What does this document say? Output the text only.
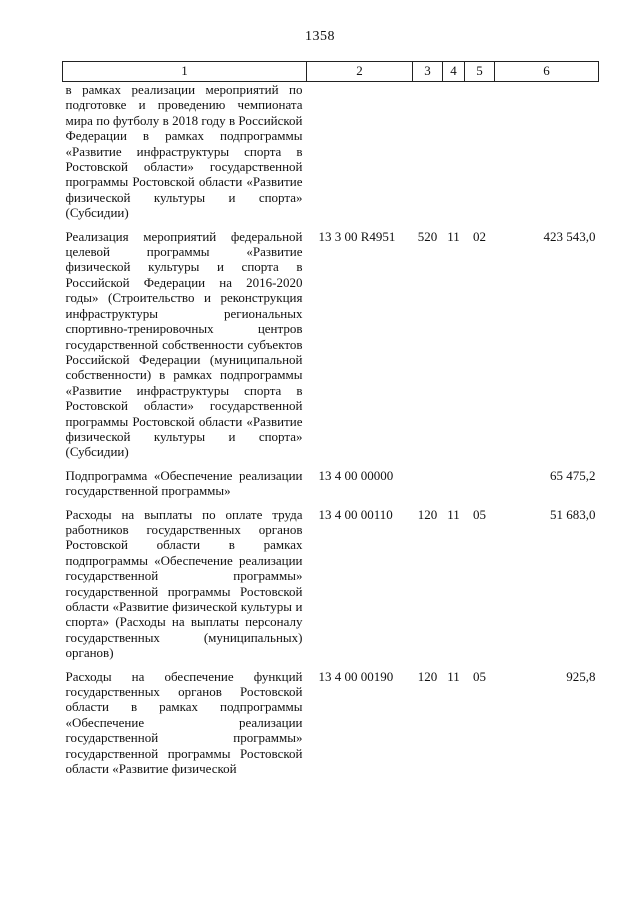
1358
1	2	3	4	5	6
в рамках реализации мероприятий по подготовке и проведению чемпионата мира по футболу в 2018 году в Российской Федерации в рамках подпрограммы «Развитие инфраструктуры спорта в Ростовской области» государственной программы Ростовской области «Развитие физической культуры и спорта» (Субсидии)					
Реализация мероприятий федеральной целевой программы «Развитие физической культуры и спорта в Российской Федерации на 2016-2020 годы» (Строительство и реконструкция инфраструктуры региональных спортивно-тренировочных центров государственной собственности субъектов Российской Федерации (муниципальной собственности) в рамках подпрограммы «Развитие инфраструктуры спорта в Ростовской области» государственной программы Ростовской области «Развитие физической культуры и спорта» (Субсидии)	13 3 00 R4951	520	11	02	423 543,0
Подпрограмма «Обеспечение реализации государственной программы»	13 4 00 00000				65 475,2
Расходы на выплаты по оплате труда работников государственных органов Ростовской области в рамках подпрограммы «Обеспечение реализации государственной программы» государственной программы Ростовской области «Развитие физической культуры и спорта» (Расходы на выплаты персоналу государственных (муниципальных) органов)	13 4 00 00110	120	11	05	51 683,0
Расходы на обеспечение функций государственных органов Ростовской области в рамках подпрограммы «Обеспечение реализации государственной программы» государственной программы Ростовской области «Развитие физической	13 4 00 00190	120	11	05	925,8
